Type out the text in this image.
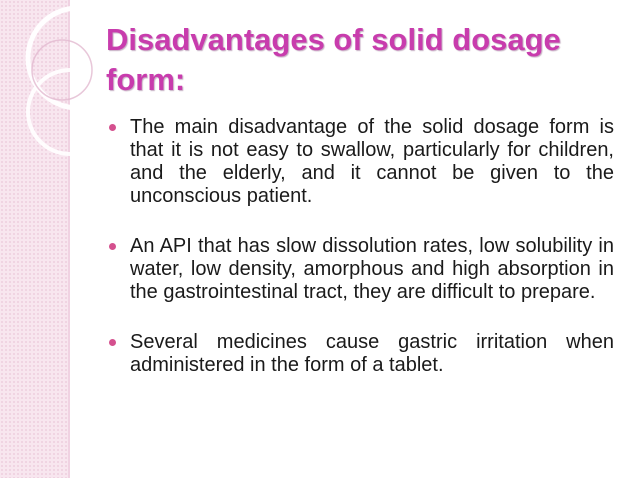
Disadvantages of solid dosage form:
The main disadvantage of the solid dosage form is that it is not easy to swallow, particularly for children, and the elderly, and it cannot be given to the unconscious patient.
An API that has slow dissolution rates, low solubility in water, low density, amorphous and high absorption in the gastrointestinal tract, they are difficult to prepare.
Several medicines cause gastric irritation when administered in the form of a tablet.
